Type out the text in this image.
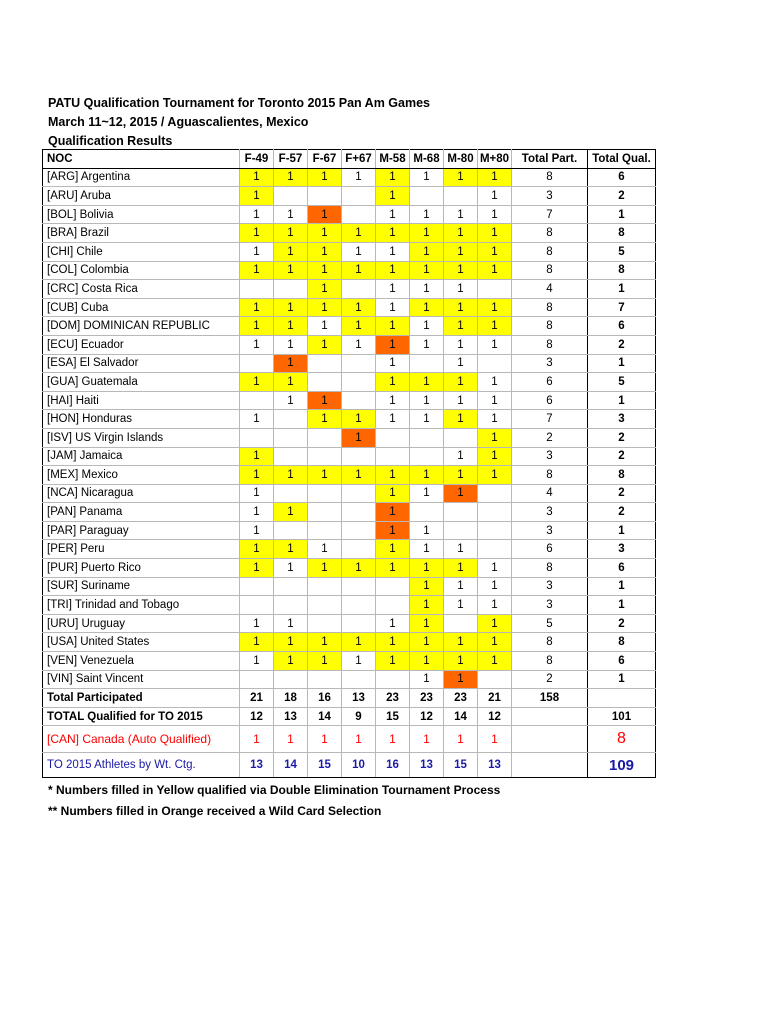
PATU Qualification Tournament for Toronto 2015 Pan Am Games
March 11~12, 2015 / Aguascalientes, Mexico
Qualification Results
NOC	F-49	F-57	F-67	F+67	M-58	M-68	M-80	M+80	Total Part.	Total Qual.
[ARG] Argentina	1	1	1	1	1	1	1	1	8	6
[ARU] Aruba	1				1			1	3	2
[BOL] Bolivia	1	1	1		1	1	1	1	7	1
[BRA] Brazil	1	1	1	1	1	1	1	1	8	8
[CHI] Chile	1	1	1	1	1	1	1	1	8	5
[COL] Colombia	1	1	1	1	1	1	1	1	8	8
[CRC] Costa Rica			1		1	1	1		4	1
[CUB] Cuba	1	1	1	1	1	1	1	1	8	7
[DOM] DOMINICAN REPUBLIC	1	1	1	1	1	1	1	1	8	6
[ECU] Ecuador	1	1	1	1	1	1	1	1	8	2
[ESA] El Salvador		1			1		1		3	1
[GUA] Guatemala	1	1			1	1	1	1	6	5
[HAI] Haiti		1	1		1	1	1	1	6	1
[HON] Honduras	1		1	1	1	1	1	1	7	3
[ISV] US Virgin Islands				1				1	2	2
[JAM] Jamaica	1						1	1	3	2
[MEX] Mexico	1	1	1	1	1	1	1	1	8	8
[NCA] Nicaragua	1				1	1	1		4	2
[PAN] Panama	1	1			1				3	2
[PAR] Paraguay	1				1	1			3	1
[PER] Peru	1	1	1		1	1	1		6	3
[PUR] Puerto Rico	1	1	1	1	1	1	1	1	8	6
[SUR] Suriname						1	1	1	3	1
[TRI] Trinidad and Tobago						1	1	1	3	1
[URU] Uruguay	1	1			1	1		1	5	2
[USA] United States	1	1	1	1	1	1	1	1	8	8
[VEN] Venezuela	1	1	1	1	1	1	1	1	8	6
[VIN] Saint Vincent						1	1		2	1
Total Participated	21	18	16	13	23	23	23	21	158	
TOTAL Qualified for TO 2015	12	13	14	9	15	12	14	12		101
[CAN] Canada (Auto Qualified)	1	1	1	1	1	1	1	1		8
TO 2015 Athletes by Wt. Ctg.	13	14	15	10	16	13	15	13		109
* Numbers filled in Yellow qualified via Double Elimination Tournament Process
** Numbers filled in Orange received a Wild Card Selection
